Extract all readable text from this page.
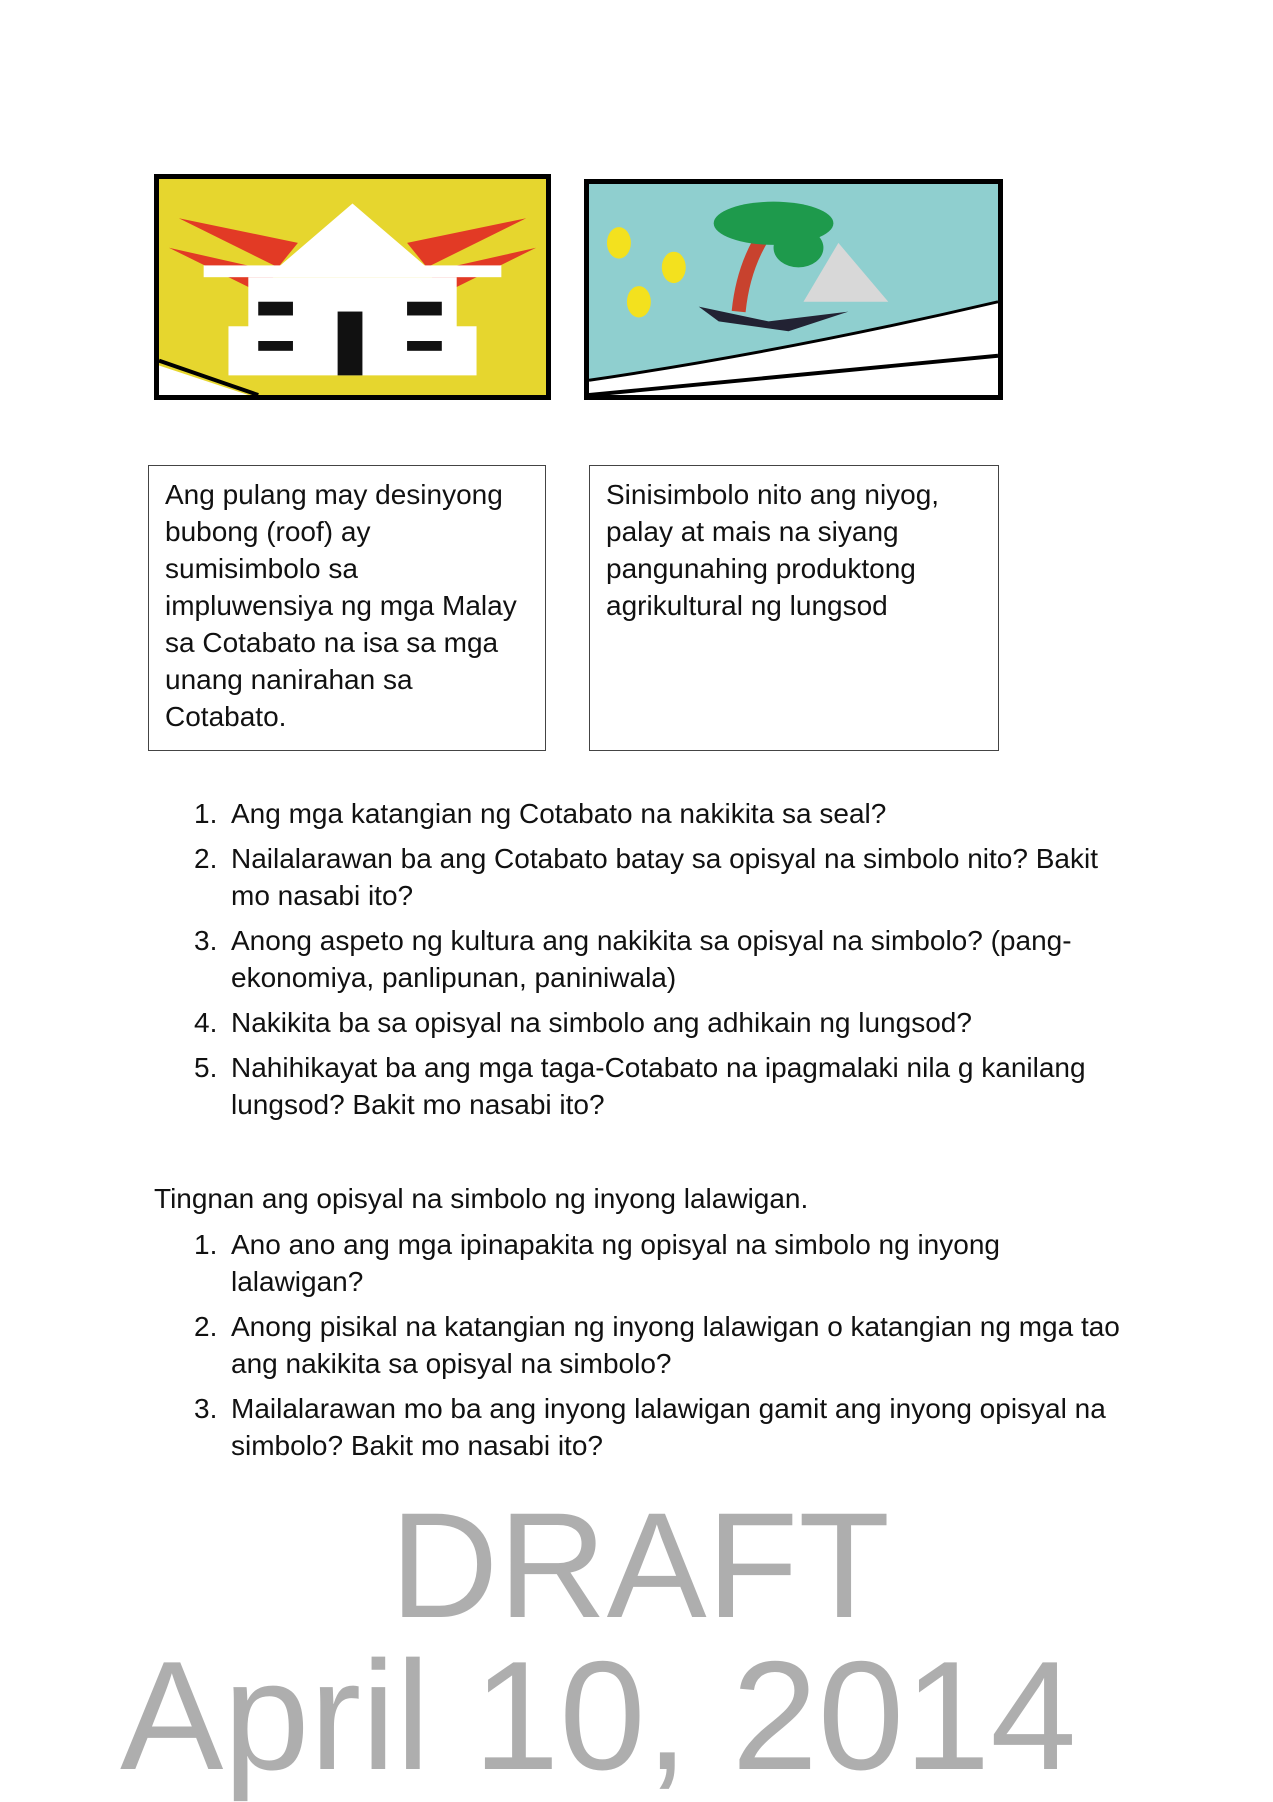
Ang pulang may desinyong bubong (roof) ay sumisimbolo sa impluwensiya ng mga Malay sa Cotabato na isa sa mga unang nanirahan sa Cotabato.

Sinisimbolo nito ang niyog, palay at mais na siyang pangunahing produktong agrikultural ng lungsod

1. Ang mga katangian ng Cotabato na nakikita sa seal?
2. Nailalarawan ba ang Cotabato batay sa opisyal na simbolo nito? Bakit mo nasabi ito?
3. Anong aspeto ng kultura ang nakikita sa opisyal na simbolo? (pang-ekonomiya, panlipunan, paniniwala)
4. Nakikita ba sa opisyal na simbolo ang adhikain ng lungsod?
5. Nahihikayat ba ang mga taga-Cotabato na ipagmalaki nila g kanilang lungsod? Bakit mo nasabi ito?
Tingnan ang opisyal na simbolo ng inyong lalawigan.
1. Ano ano ang mga ipinapakita ng opisyal na simbolo ng inyong lalawigan?
2. Anong pisikal na katangian ng inyong lalawigan o katangian ng mga tao ang nakikita sa opisyal na simbolo?
3. Mailalarawan mo ba ang inyong lalawigan gamit ang inyong opisyal na simbolo? Bakit mo nasabi ito?
DRAFT
April 10, 2014
